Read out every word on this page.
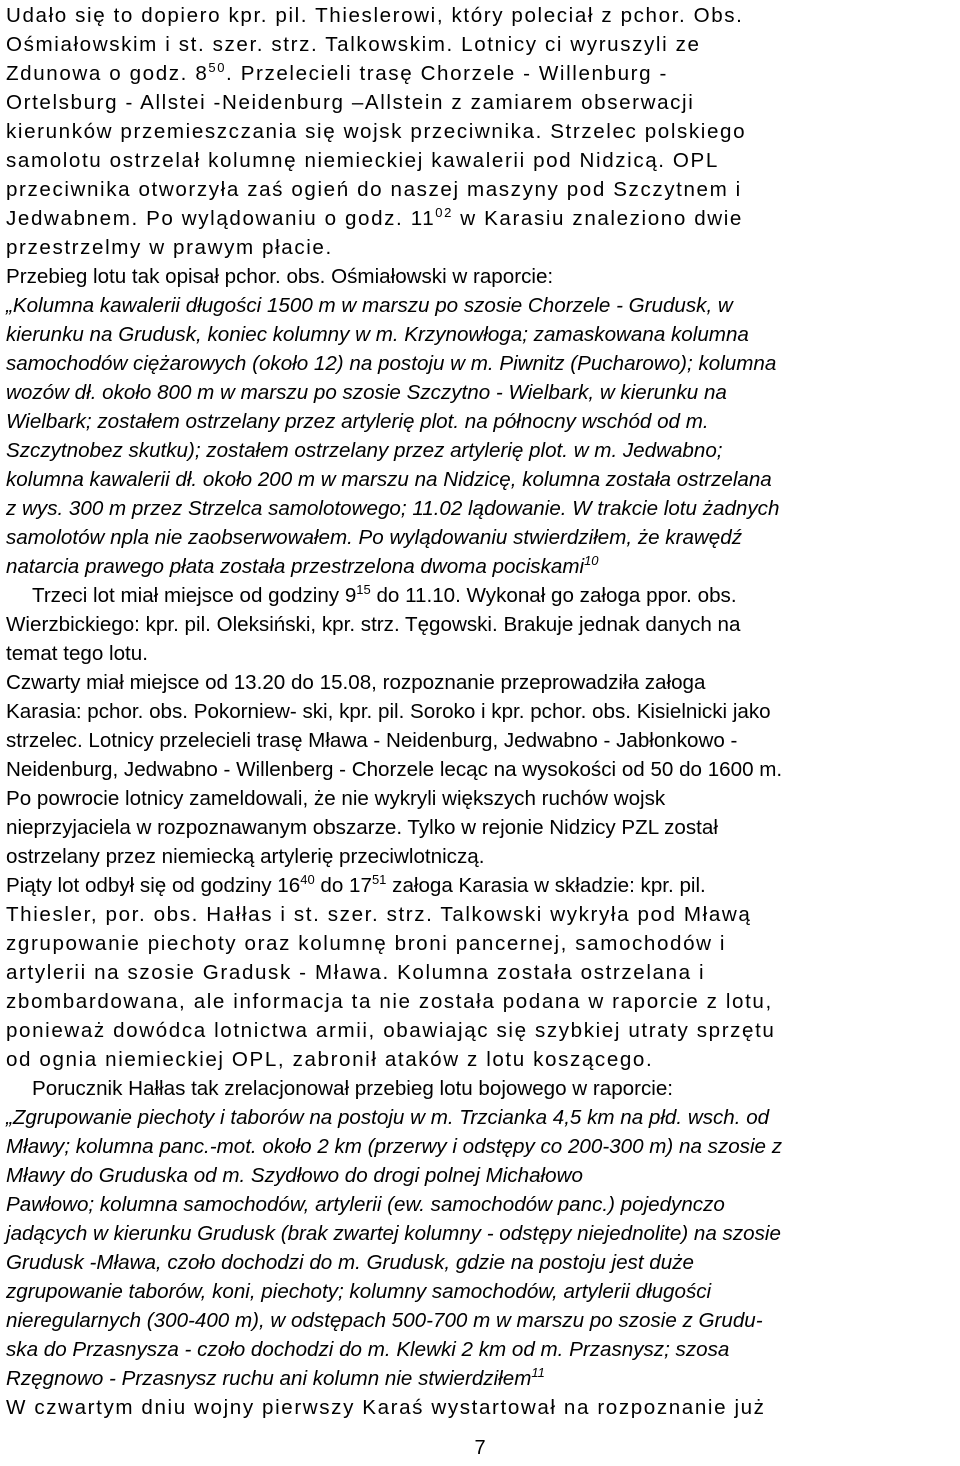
Udało się to dopiero kpr. pil. Thieslerowi, który poleciał z pchor. Obs.
Ośmiałowskim i st. szer. strz. Talkowskim. Lotnicy ci wyruszyli ze
Zdunowa o godz. $8^{50}$. Przelecieli trasę Chorzele - Willenburg -
Ortelsburg - Allstei -Neidenburg –Allstein z zamiarem obserwacji
kierunków przemieszczania się wojsk przeciwnika. Strzelec polskiego
samolotu ostrzelał kolumnę niemieckiej kawalerii pod Nidzicą. OPL
przeciwnika otworzyła zaś ogień do naszej maszyny pod Szczytnem i
Jedwabnem. Po wylądowaniu o godz. $11^{02}$ w Karasiu znaleziono dwie
przestrzelmy w prawym płacie.
Przebieg lotu tak opisał pchor. obs. Ośmiałowski w raporcie:
„Kolumna kawalerii długości 1500 m w marszu po szosie Chorzele - Grudusk, w
kierunku na Grudusk, koniec kolumny w m. Krzynowłoga; zamaskowana kolumna
samochodów ciężarowych (około 12) na postoju w m. Piwnitz (Pucharowo); kolumna
wozów dł. około 800 m w marszu po szosie Szczytno - Wielbark, w kierunku na
Wielbark; zostałem ostrzelany przez artylerię plot. na północny wschód od m.
Szczytnobez skutku); zostałem ostrzelany przez artylerię plot. w m. Jedwabno;
kolumna kawalerii dł. około 200 m w marszu na Nidzicę, kolumna została ostrzelana
z wys. 300 m przez Strzelca samolotowego; 11.02 lądowanie. W trakcie lotu żadnych
samolotów npla nie zaobserwowałem. Po wylądowaniu stwierdziłem, że krawędź
natarcia prawego płata została przestrzelona dwoma pociskami$^{10}$
Trzeci lot miał miejsce od godziny $9^{15}$ do 11.10. Wykonał go załoga ppor. obs.
Wierzbickiego: kpr. pil. Oleksiński, kpr. strz. Tęgowski. Brakuje jednak danych na
temat tego lotu.
Czwarty miał miejsce od 13.20 do 15.08, rozpoznanie przeprowadziła załoga
Karasia: pchor. obs. Pokorniew- ski, kpr. pil. Soroko i kpr. pchor. obs. Kisielnicki jako
strzelec. Lotnicy przelecieli trasę Mława - Neidenburg, Jedwabno - Jabłonkowo -
Neidenburg, Jedwabno - Willenberg - Chorzele lecąc na wysokości od 50 do 1600 m.
Po powrocie lotnicy zameldowali, że nie wykryli większych ruchów wojsk
nieprzyjaciela w rozpoznawanym obszarze. Tylko w rejonie Nidzicy PZL został
ostrzelany przez niemiecką artylerię przeciwlotniczą.
Piąty lot odbył się od godziny $16^{40}$ do $17^{51}$ załoga Karasia w składzie: kpr. pil.
Thiesler, por. obs. Hałłas i st. szer. strz. Talkowski wykryła pod Mławą
zgrupowanie piechoty oraz kolumnę broni pancernej, samochodów i
artylerii na szosie Gradusk - Mława. Kolumna została ostrzelana i
zbombardowana, ale informacja ta nie została podana w raporcie z lotu,
ponieważ dowódca lotnictwa armii, obawiając się szybkiej utraty sprzętu
od ognia niemieckiej OPL, zabronił ataków z lotu koszącego.
Porucznik Hałłas tak zrelacjonował przebieg lotu bojowego w raporcie:
„Zgrupowanie piechoty i taborów na postoju w m. Trzcianka 4,5 km na płd. wsch. od
Mławy; kolumna panc.-mot. około 2 km (przerwy i odstępy co 200-300 m) na szosie z
Mławy do Gruduska od m. Szydłowo do drogi polnej Michałowo
Pawłowo; kolumna samochodów, artylerii (ew. samochodów panc.) pojedynczo
jadących w kierunku Grudusk (brak zwartej kolumny - odstępy niejednolite) na szosie
Grudusk -Mława, czoło dochodzi do m. Grudusk, gdzie na postoju jest duże
zgrupowanie taborów, koni, piechoty; kolumny samochodów, artylerii długości
nieregularnych (300-400 m), w odstępach 500-700 m w marszu po szosie z Grudu-
ska do Przasnysza - czoło dochodzi do m. Klewki 2 km od m. Przasnysz; szosa
Rzęgnowo - Przasnysz ruchu ani kolumn nie stwierdziłem$^{11}$
W czwartym dniu wojny pierwszy Karaś wystartował na rozpoznanie już
7
